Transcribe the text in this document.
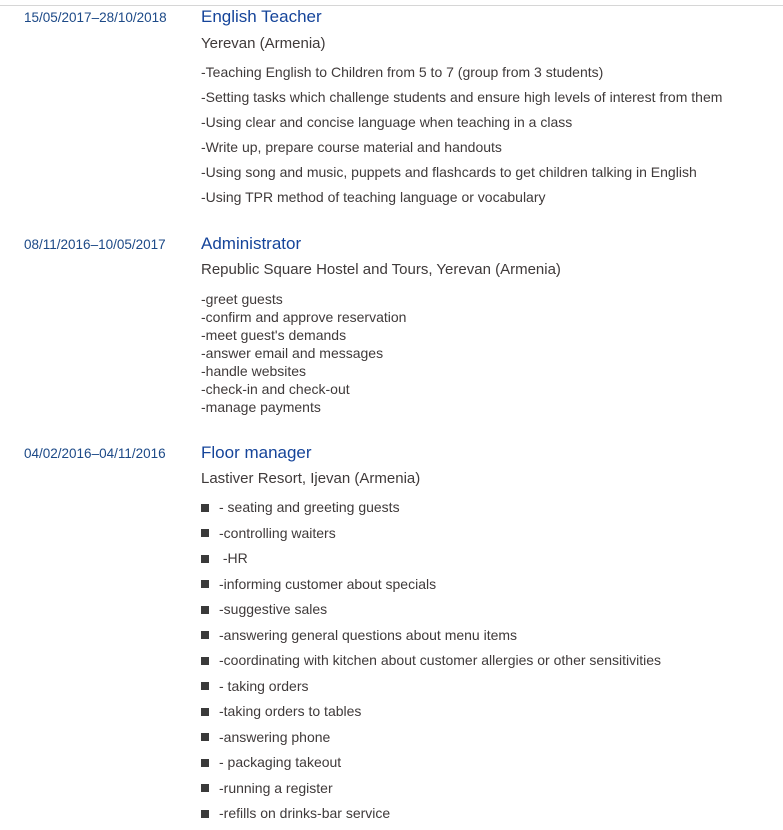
15/05/2017–28/10/2018 English Teacher
Yerevan (Armenia)
-Teaching English to Children from 5 to 7 (group from 3 students)
-Setting tasks which challenge students and ensure high levels of interest from them
-Using clear and concise language when teaching in a class
-Write up, prepare course material and handouts
-Using song and music, puppets and flashcards to get children talking in English
-Using TPR method of teaching language or vocabulary
08/11/2016–10/05/2017 Administrator
Republic Square Hostel and Tours, Yerevan (Armenia)
-greet guests
-confirm and approve reservation
-meet guest's demands
-answer email and messages
-handle websites
-check-in and check-out
-manage payments
04/02/2016–04/11/2016 Floor manager
Lastiver Resort, Ijevan (Armenia)
- seating and greeting guests
-controlling waiters
-HR
-informing customer about specials
-suggestive sales
-answering general questions about menu items
-coordinating with kitchen about customer allergies or other sensitivities
- taking orders
-taking orders to tables
-answering phone
- packaging takeout
-running a register
-refills on drinks-bar service
